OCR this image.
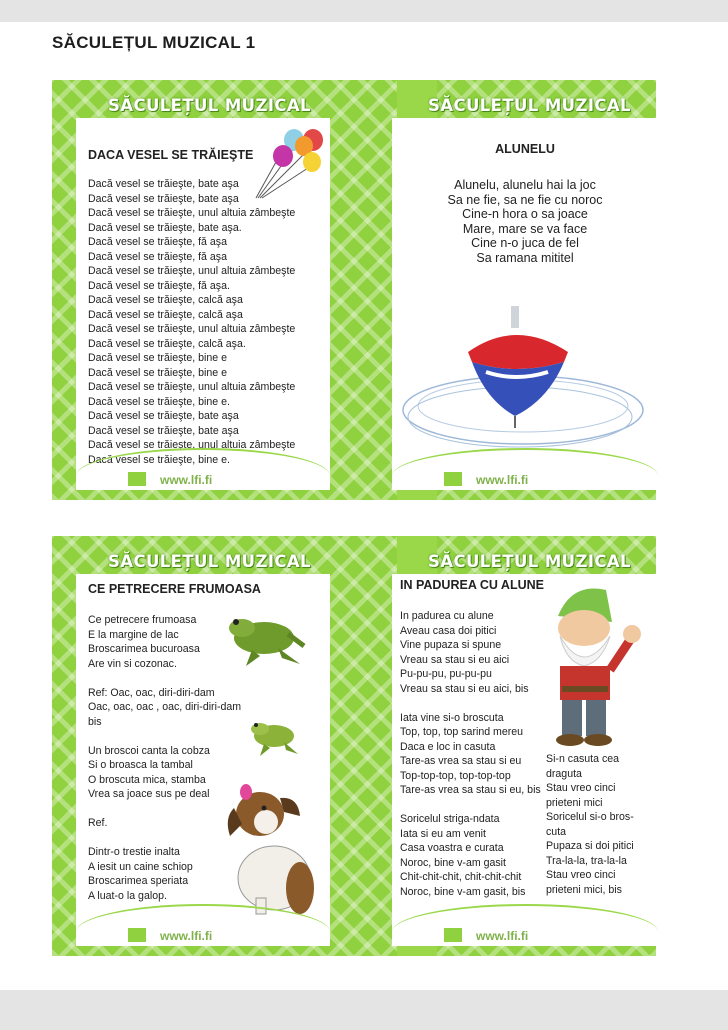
SĂCULEȚUL MUZICAL 1
SĂCULEȚUL MUZICAL	SĂCULEȚUL MUZICAL
DACA VESEL SE TRĂIEŞTE
Dacă vesel se trăieşte, bate aşa
Dacă vesel se trăieşte, bate aşa
Dacă vesel se trăieşte, unul altuia zâmbeşte
Dacă vesel se trăieşte, bate aşa.
Dacă vesel se trăieşte, fă aşa
Dacă vesel se trăieşte, fă aşa
Dacă vesel se trăieşte, unul altuia zâmbeşte
Dacă vesel se trăieşte, fă aşa.
Dacă vesel se trăieşte, calcă aşa
Dacă vesel se trăieşte, calcă aşa
Dacă vesel se trăieşte, unul altuia zâmbeşte
Dacă vesel se trăieşte, calcă aşa.
Dacă vesel se trăieşte, bine e
Dacă vesel se trăieşte, bine e
Dacă vesel se trăieşte, unul altuia zâmbeşte
Dacă vesel se trăieşte, bine e.
Dacă vesel se trăieşte, bate aşa
Dacă vesel se trăieşte, bate aşa
Dacă vesel se trăieşte, unul altuia zâmbeşte
Dacă vesel se trăieşte, bine e.
www.lfi.fi
ALUNELU
Alunelu, alunelu hai la joc
Sa ne fie, sa ne fie cu noroc
Cine-n hora o sa joace
Mare, mare se va face
Cine n-o juca de fel
Sa ramana mititel
www.lfi.fi
SĂCULEȚUL MUZICAL	SĂCULEȚUL MUZICAL
CE PETRECERE FRUMOASA
Ce petrecere frumoasa
E la margine de lac
Broscarimea bucuroasa
Are vin si cozonac.
Ref: Oac, oac, diri-diri-dam
Oac, oac, oac , oac, diri-diri-dam
bis
Un broscoi canta la cobza
Si o broasca la tambal
O broscuta mica, stamba
Vrea sa joace sus pe deal
Ref.
Dintr-o trestie inalta
A iesit un caine schiop
Broscarimea speriata
A luat-o la galop.
www.lfi.fi
IN PADUREA CU ALUNE
In padurea cu alune
Aveau casa doi pitici
Vine pupaza si spune
Vreau sa stau si eu aici
Pu-pu-pu, pu-pu-pu
Vreau sa stau si eu aici, bis
Iata vine si-o broscuta
Top, top, top sarind mereu
Daca e loc in casuta
Tare-as vrea sa stau si eu
Top-top-top, top-top-top
Tare-as vrea sa stau si eu, bis
Soricelul striga-ndata
Iata si eu am venit
Casa voastra e curata
Noroc, bine v-am gasit
Chit-chit-chit, chit-chit-chit
Noroc, bine v-am gasit, bis
Si-n casuta cea
draguta
Stau vreo cinci
prieteni mici
Soricelul si-o bros-
cuta
Pupaza si doi pitici
Tra-la-la, tra-la-la
Stau vreo cinci
prieteni mici, bis
www.lfi.fi
